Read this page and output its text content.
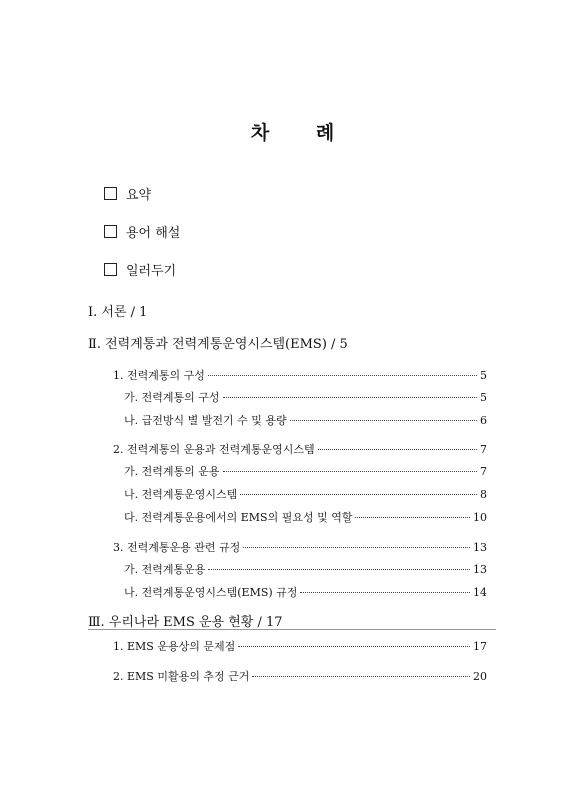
차 례
요약
용어 해설
일러두기
Ⅰ. 서론 / 1
Ⅱ. 전력계통과 전력계통운영시스템(EMS) / 5
1. 전력계통의 구성	5
가. 전력계통의 구성	5
나. 급전방식 별 발전기 수 및 용량	6
2. 전력계통의 운용과 전력계통운영시스템	7
가. 전력계통의 운용	7
나. 전력계통운영시스템	8
다. 전력계통운용에서의 EMS의 필요성 및 역할	10
3. 전력계통운용 관련 규정	13
가. 전력계통운용	13
나. 전력계통운영시스템(EMS) 규정	14
Ⅲ. 우리나라 EMS 운용 현황 / 17
1. EMS 운용상의 문제점	17
2. EMS 미활용의 추정 근거	20
